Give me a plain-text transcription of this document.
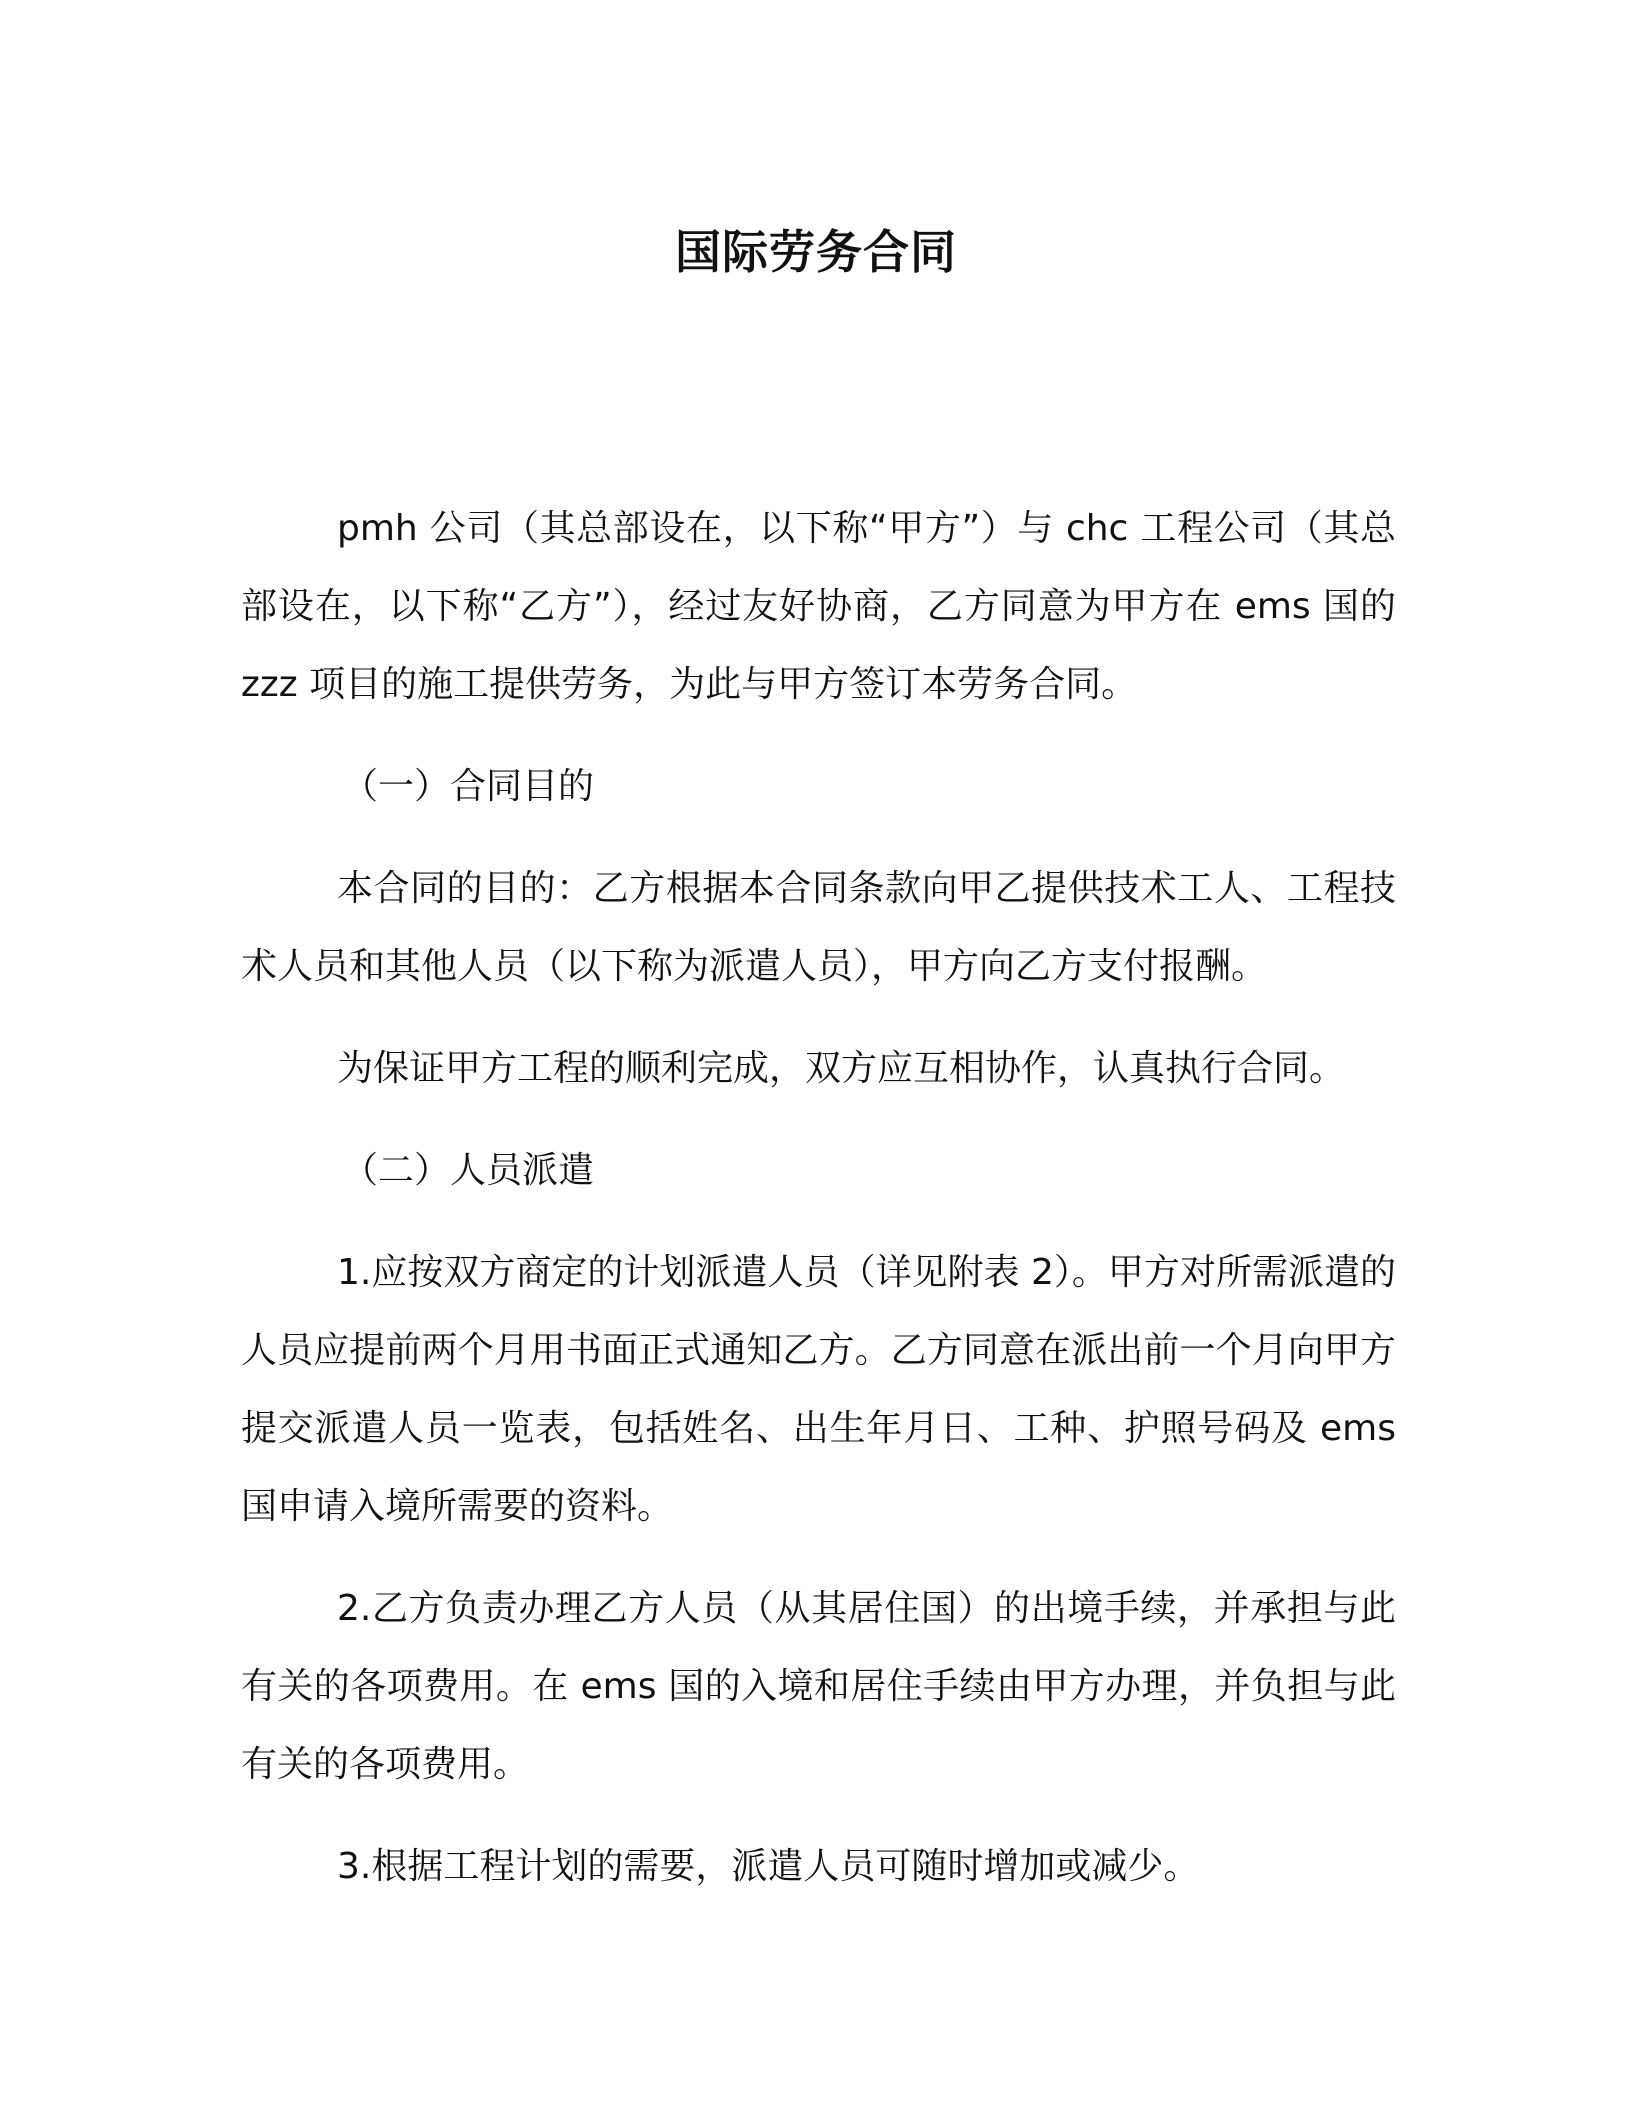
国际劳务合同

pmh 公司（其总部设在，以下称“甲方”）与 chc 工程公司（其总部设在，以下称“乙方”），经过友好协商，乙方同意为甲方在 ems 国的 zzz 项目的施工提供劳务，为此与甲方签订本劳务合同。

（一）合同目的

本合同的目的：乙方根据本合同条款向甲乙提供技术工人、工程技术人员和其他人员（以下称为派遣人员），甲方向乙方支付报酬。

为保证甲方工程的顺利完成，双方应互相协作，认真执行合同。

（二）人员派遣

1.应按双方商定的计划派遣人员（详见附表 2）。甲方对所需派遣的人员应提前两个月用书面正式通知乙方。乙方同意在派出前一个月向甲方提交派遣人员一览表，包括姓名、出生年月日、工种、护照号码及 ems 国申请入境所需要的资料。

2.乙方负责办理乙方人员（从其居住国）的出境手续，并承担与此有关的各项费用。在 ems 国的入境和居住手续由甲方办理，并负担与此有关的各项费用。

3.根据工程计划的需要，派遣人员可随时增加或减少。
